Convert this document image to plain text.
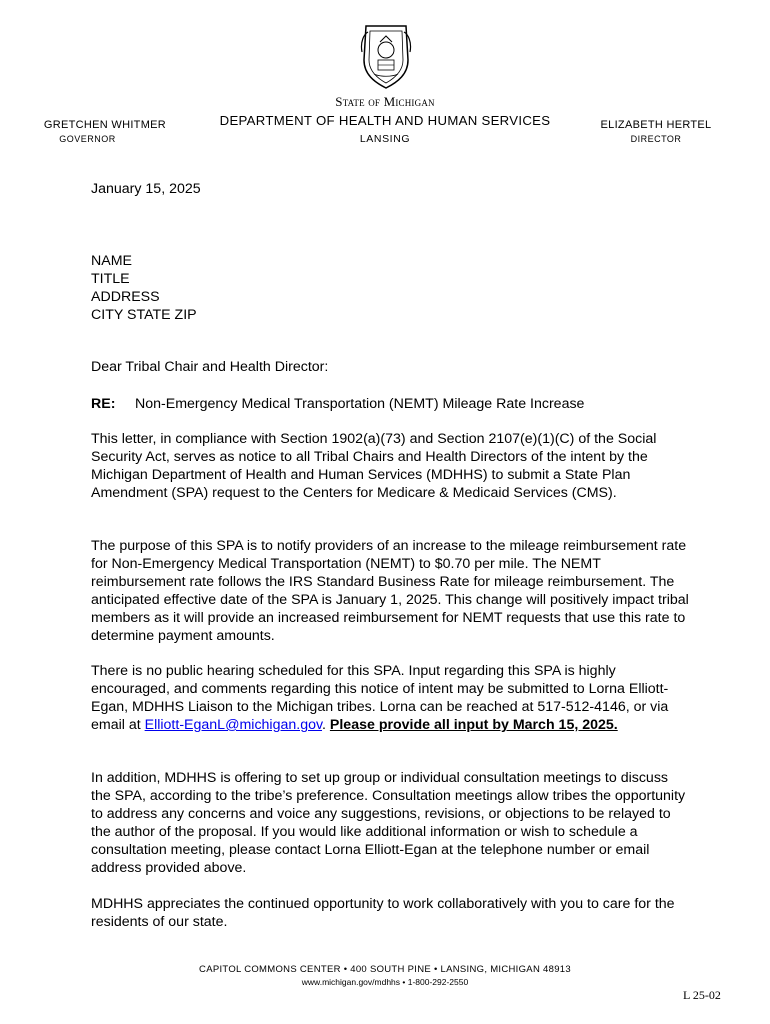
State of Michigan
DEPARTMENT OF HEALTH AND HUMAN SERVICES
LANSING
GRETCHEN WHITMER
GOVERNOR
ELIZABETH HERTEL
DIRECTOR
January 15, 2025
NAME
TITLE
ADDRESS
CITY STATE ZIP
Dear Tribal Chair and Health Director:
RE: Non-Emergency Medical Transportation (NEMT) Mileage Rate Increase

This letter, in compliance with Section 1902(a)(73) and Section 2107(e)(1)(C) of the Social Security Act, serves as notice to all Tribal Chairs and Health Directors of the intent by the Michigan Department of Health and Human Services (MDHHS) to submit a State Plan Amendment (SPA) request to the Centers for Medicare & Medicaid Services (CMS).

The purpose of this SPA is to notify providers of an increase to the mileage reimbursement rate for Non-Emergency Medical Transportation (NEMT) to $0.70 per mile. The NEMT reimbursement rate follows the IRS Standard Business Rate for mileage reimbursement. The anticipated effective date of the SPA is January 1, 2025. This change will positively impact tribal members as it will provide an increased reimbursement for NEMT requests that use this rate to determine payment amounts.

There is no public hearing scheduled for this SPA. Input regarding this SPA is highly encouraged, and comments regarding this notice of intent may be submitted to Lorna Elliott-Egan, MDHHS Liaison to the Michigan tribes. Lorna can be reached at 517-512-4146, or via email at Elliott-EganL@michigan.gov. Please provide all input by March 15, 2025.

In addition, MDHHS is offering to set up group or individual consultation meetings to discuss the SPA, according to the tribe’s preference. Consultation meetings allow tribes the opportunity to address any concerns and voice any suggestions, revisions, or objections to be relayed to the author of the proposal. If you would like additional information or wish to schedule a consultation meeting, please contact Lorna Elliott-Egan at the telephone number or email address provided above.

MDHHS appreciates the continued opportunity to work collaboratively with you to care for the residents of our state.

CAPITOL COMMONS CENTER • 400 SOUTH PINE • LANSING, MICHIGAN 48913
www.michigan.gov/mdhhs • 1-800-292-2550
L 25-02
